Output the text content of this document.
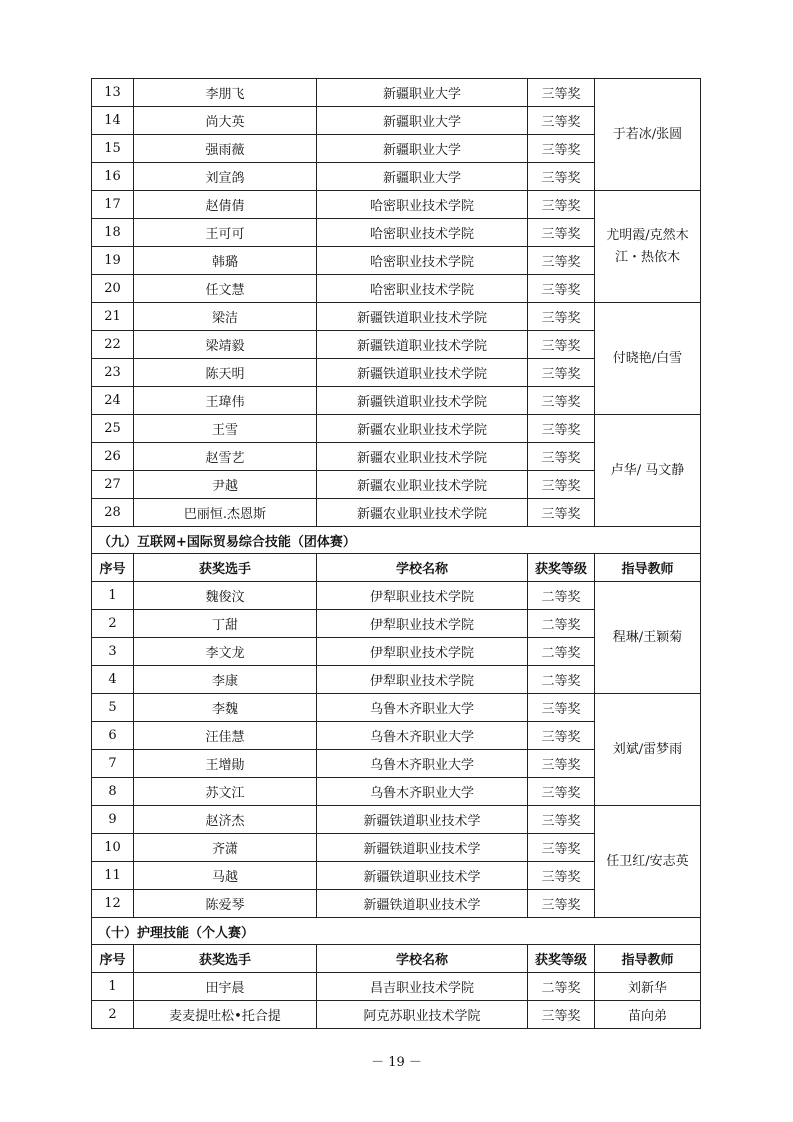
13	李朋飞	新疆职业大学	三等奖	于若冰/张圆
14	尚大英	新疆职业大学	三等奖	
15	强雨薇	新疆职业大学	三等奖	
16	刘宣鸽	新疆职业大学	三等奖	
17	赵倩倩	哈密职业技术学院	三等奖	尤明霞/克然木江・热依木
18	王可可	哈密职业技术学院	三等奖	
19	韩璐	哈密职业技术学院	三等奖	
20	任文慧	哈密职业技术学院	三等奖	
21	梁洁	新疆铁道职业技术学院	三等奖	付晓艳/白雪
22	梁靖毅	新疆铁道职业技术学院	三等奖	
23	陈天明	新疆铁道职业技术学院	三等奖	
24	王瑋伟	新疆铁道职业技术学院	三等奖	
25	王雪	新疆农业职业技术学院	三等奖	卢华/ 马文静
26	赵雪艺	新疆农业职业技术学院	三等奖	
27	尹越	新疆农业职业技术学院	三等奖	
28	巴丽恒.杰恩斯	新疆农业职业技术学院	三等奖	
（九）互联网+国际贸易综合技能（团体赛）				
序号	获奖选手	学校名称	获奖等级	指导教师
1	魏俊汶	伊犁职业技术学院	二等奖	程琳/王颖菊
2	丁甜	伊犁职业技术学院	二等奖	
3	李文龙	伊犁职业技术学院	二等奖	
4	李康	伊犁职业技术学院	二等奖	
5	李魏	乌鲁木齐职业大学	三等奖	刘斌/雷梦雨
6	汪佳慧	乌鲁木齐职业大学	三等奖	
7	王增勛	乌鲁木齐职业大学	三等奖	
8	苏文江	乌鲁木齐职业大学	三等奖	
9	赵济杰	新疆铁道职业技术学	三等奖	任卫红/安志英
10	齐潇	新疆铁道职业技术学	三等奖	
11	马越	新疆铁道职业技术学	三等奖	
12	陈爱琴	新疆铁道职业技术学	三等奖	
（十）护理技能（个人赛）				
序号	获奖选手	学校名称	获奖等级	指导教师
1	田宇晨	昌吉职业技术学院	二等奖	刘新华
2	麦麦提吐松•托合提	阿克苏职业技术学院	三等奖	苗向弟
－ 19 －
